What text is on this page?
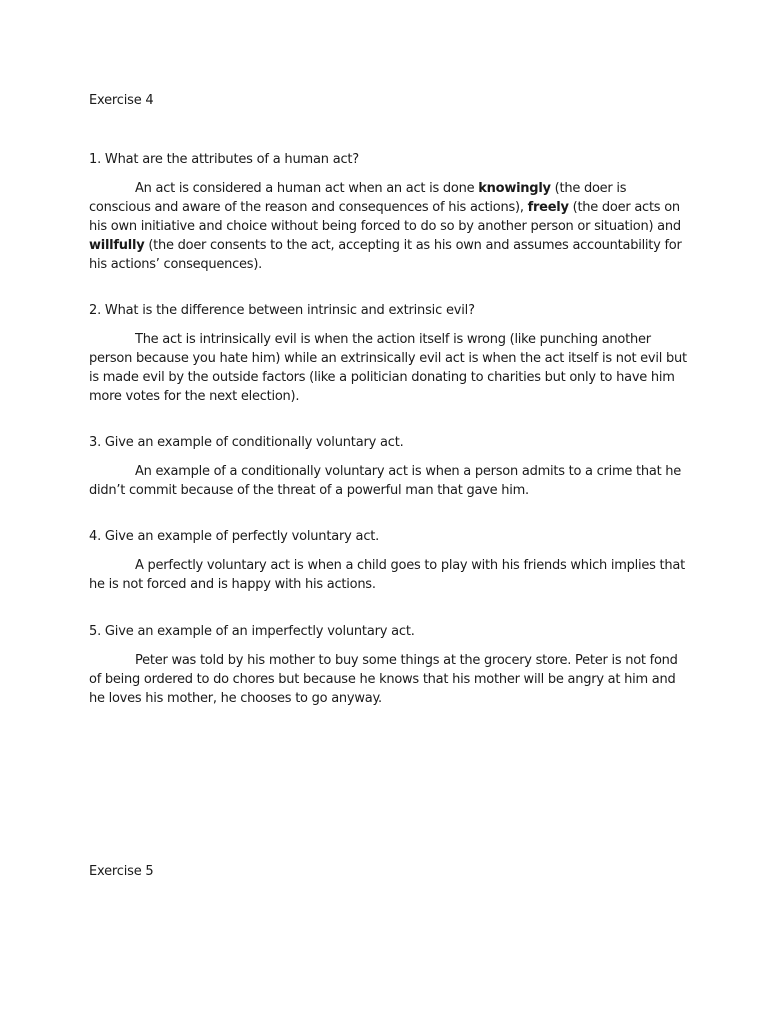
Exercise 4
1. What are the attributes of a human act?
An act is considered a human act when an act is done knowingly (the doer is
conscious and aware of the reason and consequences of his actions), freely (the doer acts on
his own initiative and choice without being forced to do so by another person or situation) and
willfully (the doer consents to the act, accepting it as his own and assumes accountability for
his actions’ consequences).
2. What is the difference between intrinsic and extrinsic evil?
The act is intrinsically evil is when the action itself is wrong (like punching another
person because you hate him) while an extrinsically evil act is when the act itself is not evil but
is made evil by the outside factors (like a politician donating to charities but only to have him
more votes for the next election).
3. Give an example of conditionally voluntary act.
An example of a conditionally voluntary act is when a person admits to a crime that he
didn’t commit because of the threat of a powerful man that gave him.
4. Give an example of perfectly voluntary act.
A perfectly voluntary act is when a child goes to play with his friends which implies that
he is not forced and is happy with his actions.
5. Give an example of an imperfectly voluntary act.
Peter was told by his mother to buy some things at the grocery store. Peter is not fond
of being ordered to do chores but because he knows that his mother will be angry at him and
he loves his mother, he chooses to go anyway.
Exercise 5
